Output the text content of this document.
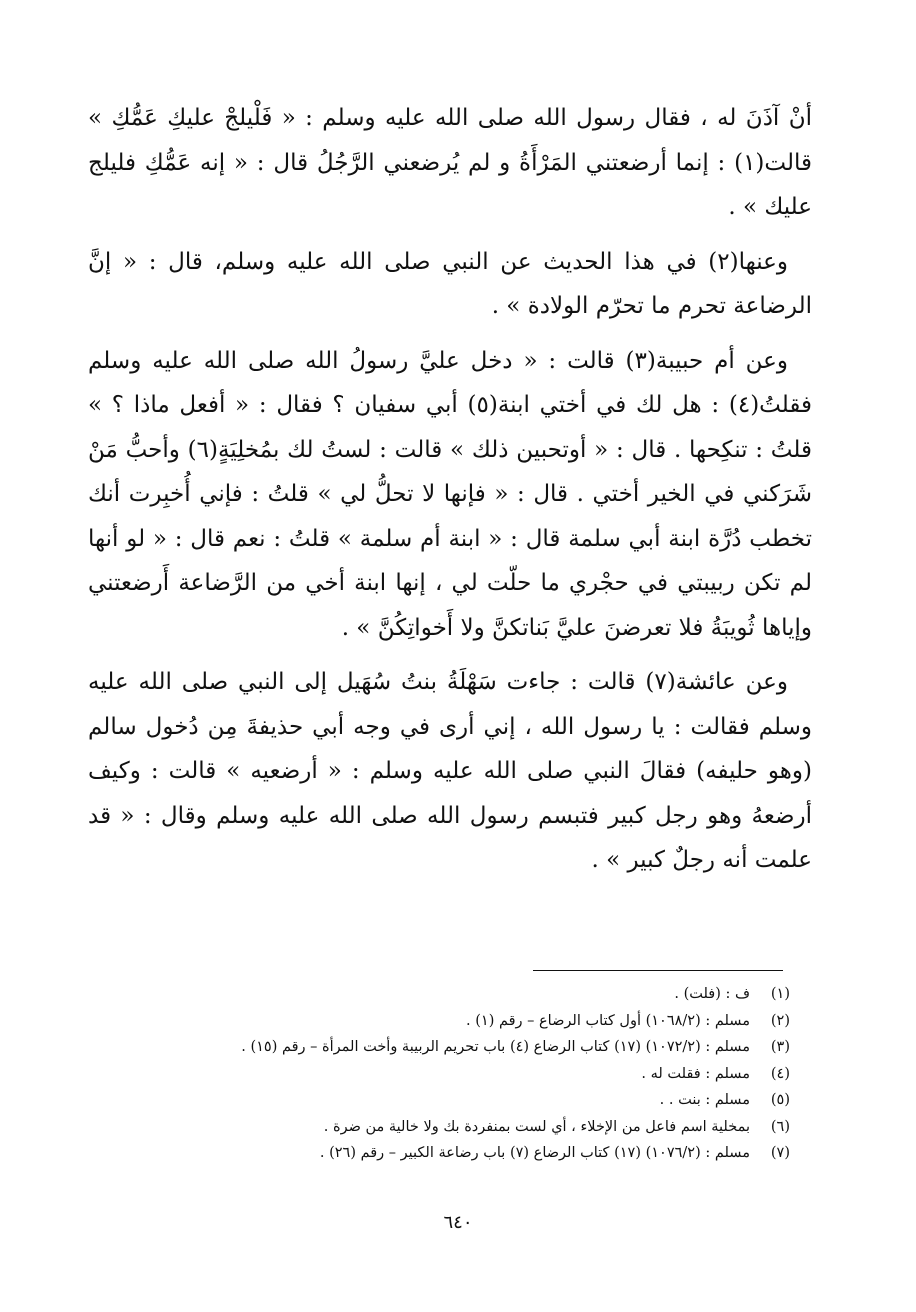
أنْ آذَنَ له ، فقال رسول الله صلى الله عليه وسلم : « فَلْيلجْ عليكِ عَمُّكِ » قالت(١) : إنما أرضعتني المَرْأَةُ و لم يُرضعني الرَّجُلُ قال : « إنه عَمُّكِ فليلج عليك » .

وعنها(٢) في هذا الحديث عن النبي صلى الله عليه وسلم، قال : « إنَّ الرضاعة تحرم ما تحرّم الولادة » .

وعن أم حبيبة(٣) قالت : « دخل عليَّ رسولُ الله صلى الله عليه وسلم فقلتُ(٤) : هل لك في أختي ابنة(٥) أبي سفيان ؟ فقال : « أفعل ماذا ؟ » قلتُ : تنكِحها . قال : « أوتحبين ذلك » قالت : لستُ لك بمُخلِيَةٍ(٦) وأحبُّ مَنْ شَرَكني في الخير أختي . قال : « فإنها لا تحلُّ لي » قلتُ : فإني أُخبِرت أنك تخطب دُرَّة ابنة أبي سلمة قال : « ابنة أم سلمة » قلتُ : نعم قال : « لو أنها لم تكن ربيبتي في حجْري ما حلّت لي ، إنها ابنة أخي من الرَّضاعة أَرضعتني وإياها ثُويبَةُ فلا تعرضنَ عليَّ بَناتكنَّ ولا أَخواتِكُنَّ » .

وعن عائشة(٧) قالت : جاءت سَهْلَةُ بنتُ سُهَيل إلى النبي صلى الله عليه وسلم فقالت : يا رسول الله ، إني أرى في وجه أبي حذيفةَ مِن دُخول سالم (وهو حليفه) فقالَ النبي صلى الله عليه وسلم : « أرضعيه » قالت : وكيف أرضعهُ وهو رجل كبير فتبسم رسول الله صلى الله عليه وسلم وقال : « قد علمت أنه رجلٌ كبير » .

(١)
ف : (فلت) .
(٢)
مسلم : (١٠٦٨/٢) أول كتاب الرضاع – رقم (١) .
(٣)
مسلم : (١٠٧٢/٢) (١٧) كتاب الرضاع (٤) باب تحريم الربيبة وأخت المرأة – رقم (١٥) .
(٤)
مسلم : فقلت له .
(٥)
مسلم : بنت . .
(٦)
بمخلية اسم فاعل من الإخلاء ، أي لست بمنفردة بك ولا خالية من ضرة .
(٧)
مسلم : (١٠٧٦/٢) (١٧) كتاب الرضاع (٧) باب رضاعة الكبير – رقم (٢٦) .
٦٤٠
